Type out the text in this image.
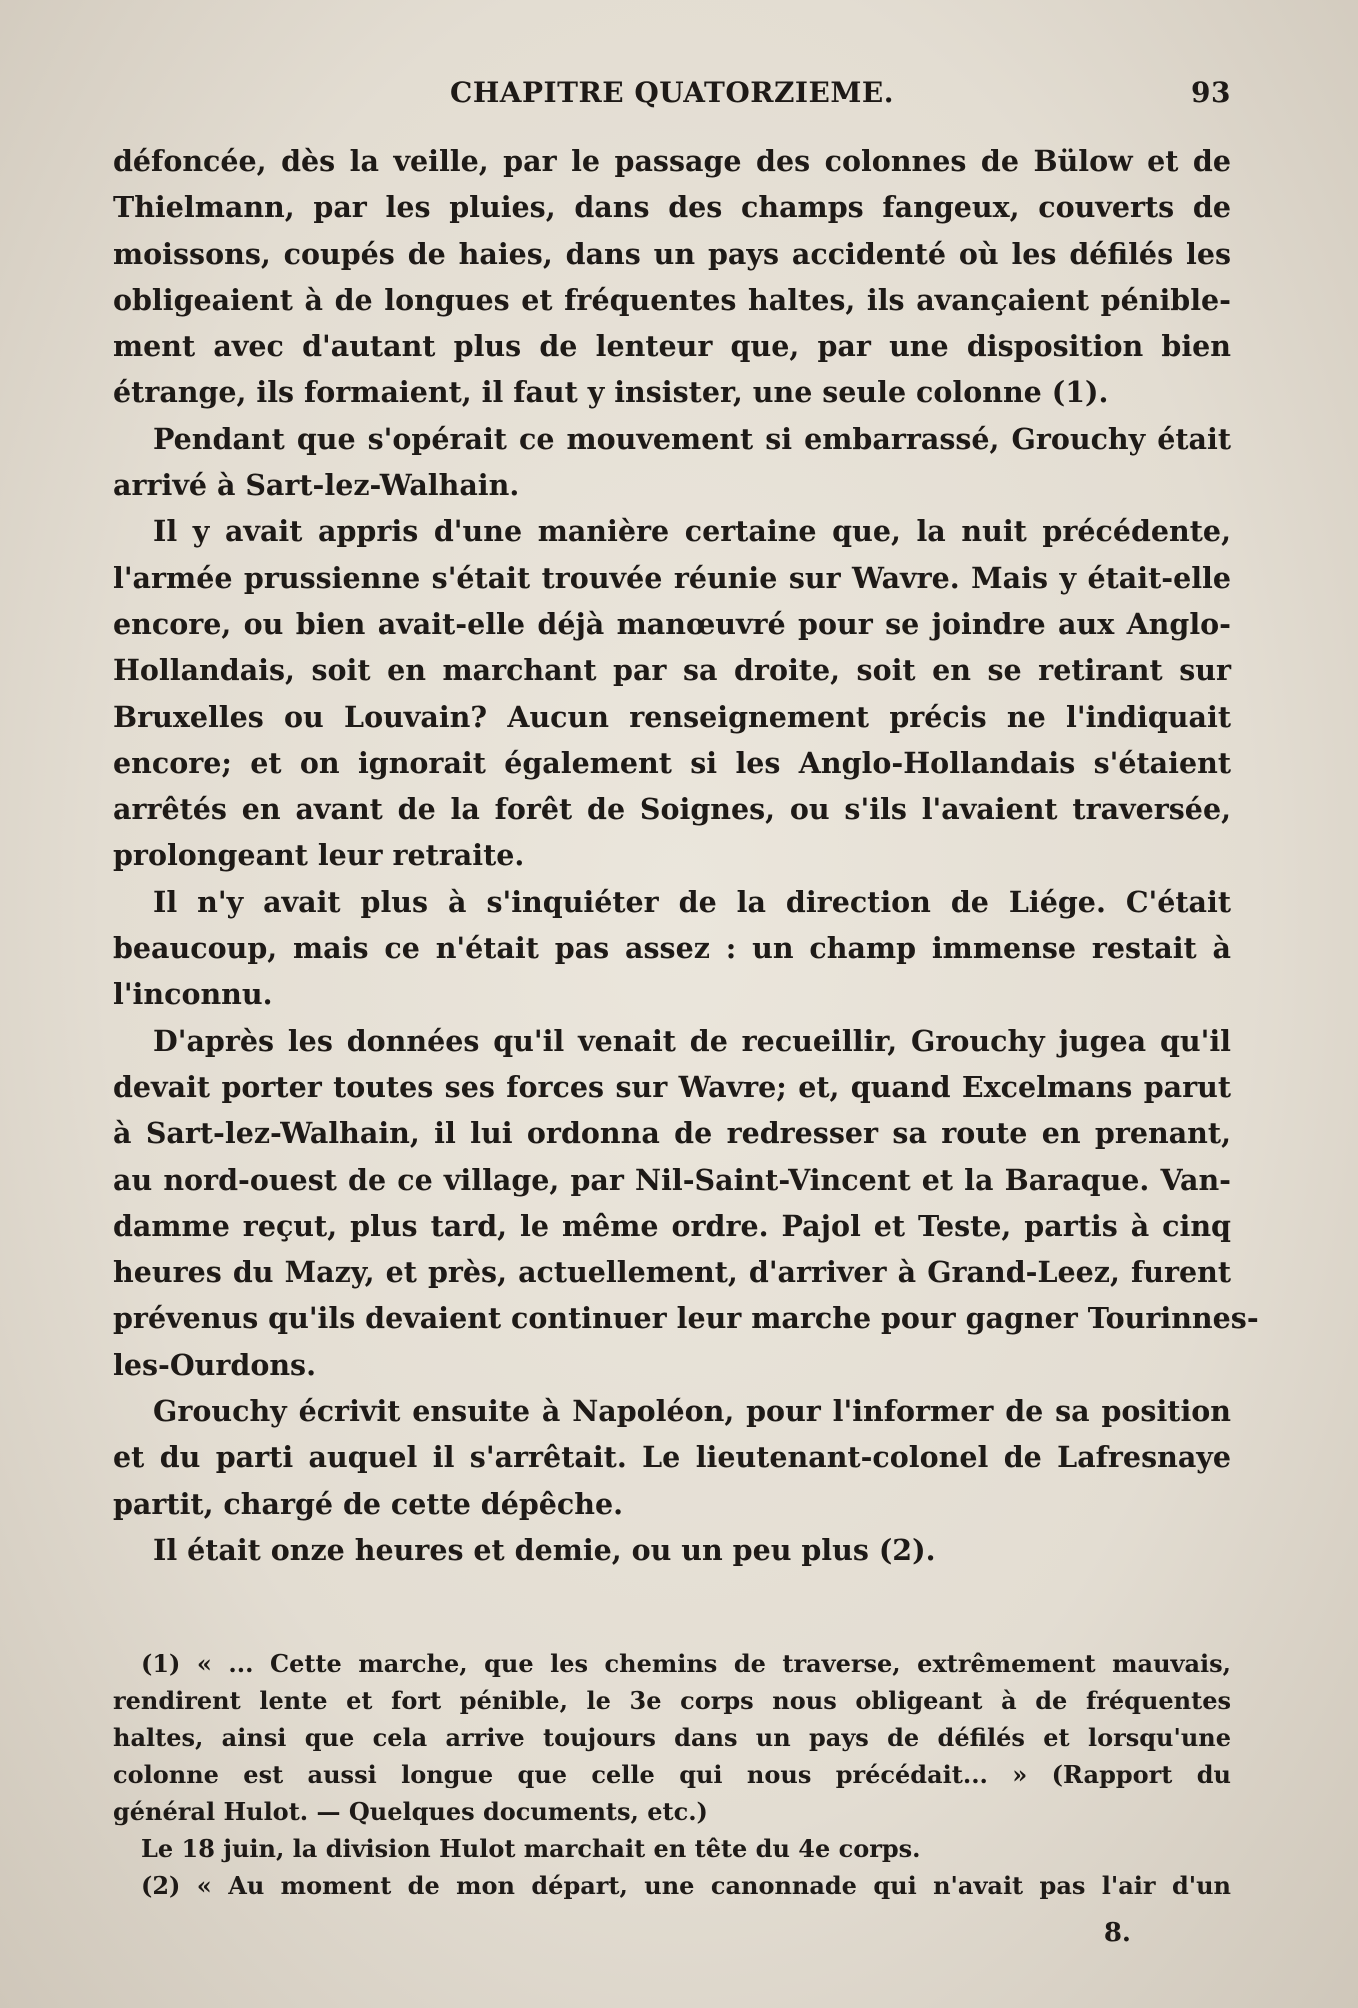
CHAPITRE QUATORZIEME.	93
défoncée, dès la veille, par le passage des colonnes de Bülow et de
Thielmann, par les pluies, dans des champs fangeux, couverts de
moissons, coupés de haies, dans un pays accidenté où les défilés les
obligeaient à de longues et fréquentes haltes, ils avançaient pénible-
ment avec d'autant plus de lenteur que, par une disposition bien
étrange, ils formaient, il faut y insister, une seule colonne (1).
Pendant que s'opérait ce mouvement si embarrassé, Grouchy était
arrivé à Sart-lez-Walhain.
Il y avait appris d'une manière certaine que, la nuit précédente,
l'armée prussienne s'était trouvée réunie sur Wavre. Mais y était-elle
encore, ou bien avait-elle déjà manœuvré pour se joindre aux Anglo-
Hollandais, soit en marchant par sa droite, soit en se retirant sur
Bruxelles ou Louvain? Aucun renseignement précis ne l'indiquait
encore; et on ignorait également si les Anglo-Hollandais s'étaient
arrêtés en avant de la forêt de Soignes, ou s'ils l'avaient traversée,
prolongeant leur retraite.
Il n'y avait plus à s'inquiéter de la direction de Liége. C'était
beaucoup, mais ce n'était pas assez : un champ immense restait à
l'inconnu.
D'après les données qu'il venait de recueillir, Grouchy jugea qu'il
devait porter toutes ses forces sur Wavre; et, quand Excelmans parut
à Sart-lez-Walhain, il lui ordonna de redresser sa route en prenant,
au nord-ouest de ce village, par Nil-Saint-Vincent et la Baraque. Van-
damme reçut, plus tard, le même ordre. Pajol et Teste, partis à cinq
heures du Mazy, et près, actuellement, d'arriver à Grand-Leez, furent
prévenus qu'ils devaient continuer leur marche pour gagner Tourinnes-
les-Ourdons.
Grouchy écrivit ensuite à Napoléon, pour l'informer de sa position
et du parti auquel il s'arrêtait. Le lieutenant-colonel de Lafresnaye
partit, chargé de cette dépêche.
Il était onze heures et demie, ou un peu plus (2).
(1) « ... Cette marche, que les chemins de traverse, extrêmement mauvais,
rendirent lente et fort pénible, le 3e corps nous obligeant à de fréquentes
haltes, ainsi que cela arrive toujours dans un pays de défilés et lorsqu'une
colonne est aussi longue que celle qui nous précédait... » (Rapport du
général Hulot. — Quelques documents, etc.)
Le 18 juin, la division Hulot marchait en tête du 4e corps.
(2) « Au moment de mon départ, une canonnade qui n'avait pas l'air d'un
8.
